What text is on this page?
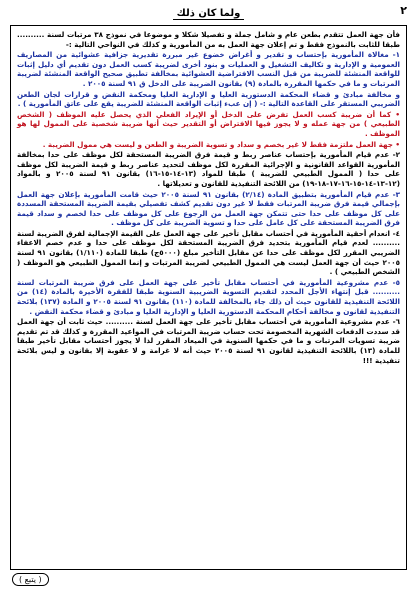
٢
ولما كان ذلك

فأن جهة العمل تتقدم بطعن عام و شامل جملة و تفصيلا شكلا و موضوعا في نموذج ٣٨ مرتبات لسنة .......... طبقا للثابت بالنموذج فقط و تم إعلان جهة العمل به من المأمورية و كذلك في النواحي التالية :-

١- مغالاة المأمورية بإحتساب و تقدير و أغراض خضوع غير مبررة تقديرية جزافية عشوائية من المصاريف العمومية و الإدارية و تكاليف التشغيل و العمليات و بنود أخرى لضريبة كسب العمل دون تقديم أي دليل إثبات للواقعة المنشئة للضريبة من قبل النسب الافتراضية العشوائية بمخالفة تطبيق صحيح الواقعة المنشئة لضريبة المرتبات و ما في حكمها المقررة بالمادة (٩) بقانون الضريبة على الدخل ق ٩١ لسنة ٢٠٠٥ .

و مخالفة مبادئ و قضاء المحكمة الدستورية العليا و الإدارية العليا ومحكمة النقض و قرارات لجان الطعن الضريبي المستقر على القاعدة التالية :- ( إن عبء إثبات الواقعة المنشئة للضريبة يقع على عاتق المأمورية ) .

• كما أن ضريبة كسب العمل تفرض على الدخل أو الإيراد الفعلي الذي يحصل عليه الموظف ( الشخص الطبيعي ) من جهة عمله و لا يجوز فيها الافتراض أو التقدير حيث أنها ضريبة شخصية على الممول لها هو الموظف .

• جهة العمل ملتزمة فقط لا غير بخصم و سداد و تسوية الضريبة و الطعن و ليست هي ممول الضريبة .

٢- عدم قيام المأمورية بإحتساب عناصر ربط و قيمة فرق الضريبة المستحقة لكل موظف على حدا بمخالفة المأمورية القواعد القانونية و الإجرائية المقررة لكل موظف لتحديد عناصر ربط و قيمة الضريبة لكل موظف على حدا ( الممول الطبيعي للضريبة ) طبقا للمواد (١٣-١٤-١٥-١٦) بقانون ٩١ لسنة ٢٠٠٥ و بالمواد (١٢-١٣-١٤-١٥-١٦-١٧-١٨-١٩) من اللائحة التنفيذية للقانون و تعديلاتها .

٣- عدم قيام المأمورية بتطبيق المادة (٢/١٤) بقانون ٩١ لسنة ٢٠٠٥ حيث قامت المأمورية بإعلان جهة العمل بإجمالي قيمة فرق ضريبة المرتبات فقط لا غير دون تقديم كشف تفصيلي بقيمة الضريبة المستحقة المسددة على كل موظف على حدا حتى تتمكن جهة العمل من الرجوع على كل موظف على حدا لخصم و سداد قيمة فرق الضريبة المستحقة على كل عامل على حدا و تسوية الضريبة على كل موظف .

٤- انعدام أحقية المأمورية في أحتساب مقابل تأخير على جهة العمل على القيمة الإجمالية لفرق الضريبة لسنة .......... لعدم قيام المأمورية بتحديد فرق الضريبة المستحقة لكل موظف على حدا و عدم خصم الاعفاء الضريبي المقرر لكل موظف على حدا عن مقابل التأخير مبلغ (٥٠٠٠ج) طبقا للمادة (١/١١٠) بقانون ٩١ لسنة ٢٠٠٥ حيث أن جهة العمل ليست هي الممول الطبيعي لضريبة المرتبات و إنما الممول الطبيعي هو الموظف ( الشخص الطبيعي ) .

٥- عدم مشروعية المأمورية في أحتساب مقابل تأخير على جهة العمل على فرق ضريبة المرتبات لسنة .......... قبل إنتهاء الأجل المحدد لتقديم التسوية الضريبية السنوية طبقا للفقرة الأخيرة بالمادة (١٤) من اللائحة التنفيذية للقانون حيث أن ذلك جاء بالمخالفة للمادة (١١٠) بقانون ٩١ لسنة ٢٠٠٥ و المادة (١٣٧) بلائحة التنفيذية لقانون و مخالفة أحكام المحكمة الدستورية العليا و الإدارية العليا و مبادئ و قضاء محكمة النقض .

٦- عدم مشروعية المأمورية في أحتساب مقابل تأخير على جهة العمل لسنة .......... حيث ثابت أن جهة العمل قد سددت الدفعات الشهرية المخصومة تحت حساب ضريبة المرتبات في المواعيد المقررة و كذلك قد تم تقديم ضريبة تسويات المرتبات و ما في حكمها السنوية في الميعاد المقرر لذا لا يجوز أحتساب مقابل تأخير طبقا للمادة (١٣) باللائحة التنفيذية لقانون ٩١ لسنة ٢٠٠٥ حيث أنه لا غرامة و لا عقوبة إلا بقانون و ليس بلائحة تنفيذية !!!

( يتبع )
